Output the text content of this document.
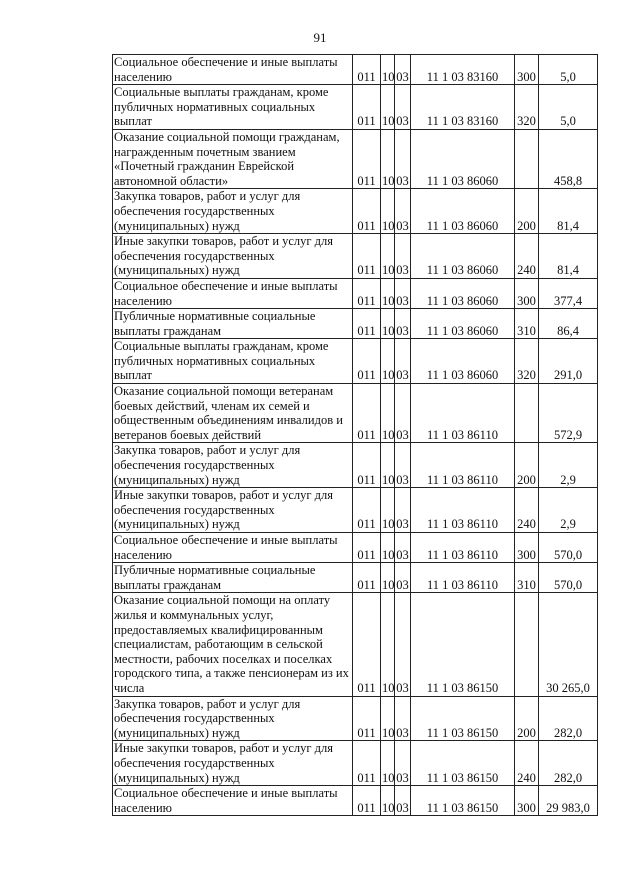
91
Социальное обеспечение и иные выплаты населению	011	10	03	11 1 03 83160	300	5,0
Социальные выплаты гражданам, кроме публичных нормативных социальных выплат	011	10	03	11 1 03 83160	320	5,0
Оказание социальной помощи гражданам, награжденным почетным званием «Почетный гражданин Еврейской автономной области»	011	10	03	11 1 03 86060		458,8
Закупка товаров, работ и услуг для обеспечения государственных (муниципальных) нужд	011	10	03	11 1 03 86060	200	81,4
Иные закупки товаров, работ и услуг для обеспечения государственных (муниципальных) нужд	011	10	03	11 1 03 86060	240	81,4
Социальное обеспечение и иные выплаты населению	011	10	03	11 1 03 86060	300	377,4
Публичные нормативные социальные выплаты гражданам	011	10	03	11 1 03 86060	310	86,4
Социальные выплаты гражданам, кроме публичных нормативных социальных выплат	011	10	03	11 1 03 86060	320	291,0
Оказание социальной помощи ветеранам боевых действий, членам их семей и общественным объединениям инвалидов и ветеранов боевых действий	011	10	03	11 1 03 86110		572,9
Закупка товаров, работ и услуг для обеспечения государственных (муниципальных) нужд	011	10	03	11 1 03 86110	200	2,9
Иные закупки товаров, работ и услуг для обеспечения государственных (муниципальных) нужд	011	10	03	11 1 03 86110	240	2,9
Социальное обеспечение и иные выплаты населению	011	10	03	11 1 03 86110	300	570,0
Публичные нормативные социальные выплаты гражданам	011	10	03	11 1 03 86110	310	570,0
Оказание социальной помощи на оплату жилья и коммунальных услуг, предоставляемых квалифицированным специалистам, работающим в сельской местности, рабочих поселках и поселках городского типа, а также пенсионерам из их числа	011	10	03	11 1 03 86150		30 265,0
Закупка товаров, работ и услуг для обеспечения государственных (муниципальных) нужд	011	10	03	11 1 03 86150	200	282,0
Иные закупки товаров, работ и услуг для обеспечения государственных (муниципальных) нужд	011	10	03	11 1 03 86150	240	282,0
Социальное обеспечение и иные выплаты населению	011	10	03	11 1 03 86150	300	29 983,0
